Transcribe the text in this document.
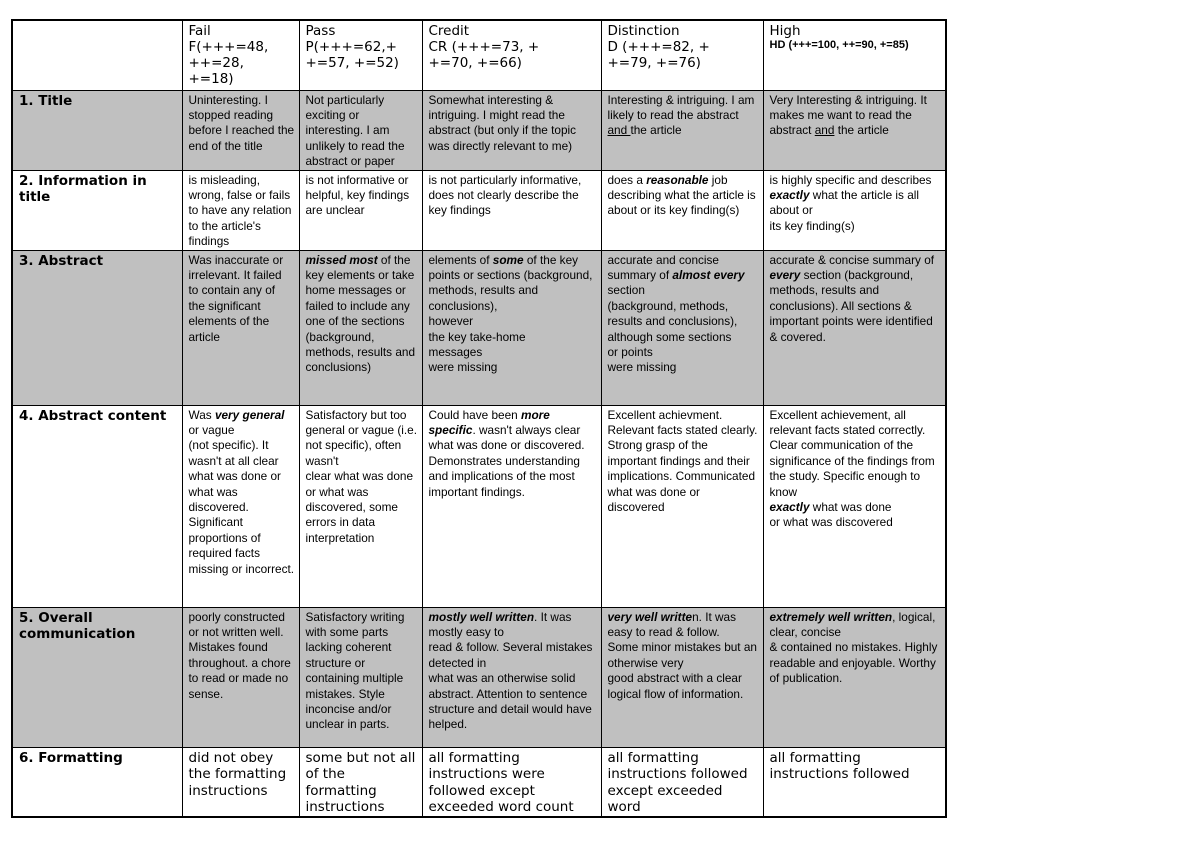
	Fail
F(+++=48,
++=28,
+=18)	Pass
P(+++=62,+
+=57, +=52)	Credit
CR (+++=73, +
+=70, +=66)	Distinction
D (+++=82, +
+=79, +=76)	High
HD (+++=100, ++=90, +=85)
1. Title	Uninteresting. I stopped reading before I reached the end of the title	Not particularly exciting or interesting. I am unlikely to read the abstract or paper	Somewhat interesting & intriguing. I might read the abstract (but only if the topic was directly relevant to me)	Interesting & intriguing. I am likely to read the abstract and the article	Very Interesting & intriguing. It makes me want to read the abstract and the article
2. Information in title	is misleading, wrong, false or fails to have any relation to the article's findings	is not informative or helpful, key findings are unclear	is not particularly informative,
does not clearly describe the key findings	does a reasonable job describing what the article is about or its key finding(s)	is highly specific and describes exactly what the article is all about or
its key finding(s)
3. Abstract	Was inaccurate or irrelevant. It failed to contain any of the significant elements of the article	missed most of the key elements or take home messages or failed to include any one of the sections (background, methods, results and conclusions)	elements of some of the key points or sections (background, methods, results and conclusions),
however
the key take-home
messages
were missing	accurate and concise summary of almost every section
(background, methods, results and conclusions), although some sections
or points
were missing	accurate & concise summary of every section (background, methods, results and conclusions). All sections & important points were identified & covered.
4. Abstract content	Was very general or vague
(not specific). It wasn't at all clear what was done or what was discovered. Significant proportions of required facts missing or incorrect.	Satisfactory but too general or vague (i.e.
not specific), often wasn't
clear what was done or what was discovered, some errors in data interpretation	Could have been more specific. wasn't always clear what was done or discovered. Demonstrates understanding and implications of the most important findings.	Excellent achievment. Relevant facts stated clearly. Strong grasp of the important findings and their implications. Communicated what was done or discovered	Excellent achievement, all relevant facts stated correctly. Clear communication of the significance of the findings from the study. Specific enough to know
exactly what was done
or what was discovered
5. Overall communication	poorly constructed or not written well. Mistakes found throughout. a chore to read or made no sense.	Satisfactory writing with some parts lacking coherent structure or containing multiple mistakes. Style inconcise and/or unclear in parts.	mostly well written. It was mostly easy to
read & follow. Several mistakes detected in
what was an otherwise solid abstract. Attention to sentence structure and detail would have helped.	very well written. It was easy to read & follow.
Some minor mistakes but an otherwise very
good abstract with a clear logical flow of information.	extremely well written, logical, clear, concise
& contained no mistakes. Highly readable and enjoyable. Worthy of publication.
6. Formatting	did not obey the formatting instructions	some but not all of the formatting instructions	all formatting instructions were followed except exceeded word count	all formatting instructions followed except exceeded word	all formatting instructions followed
